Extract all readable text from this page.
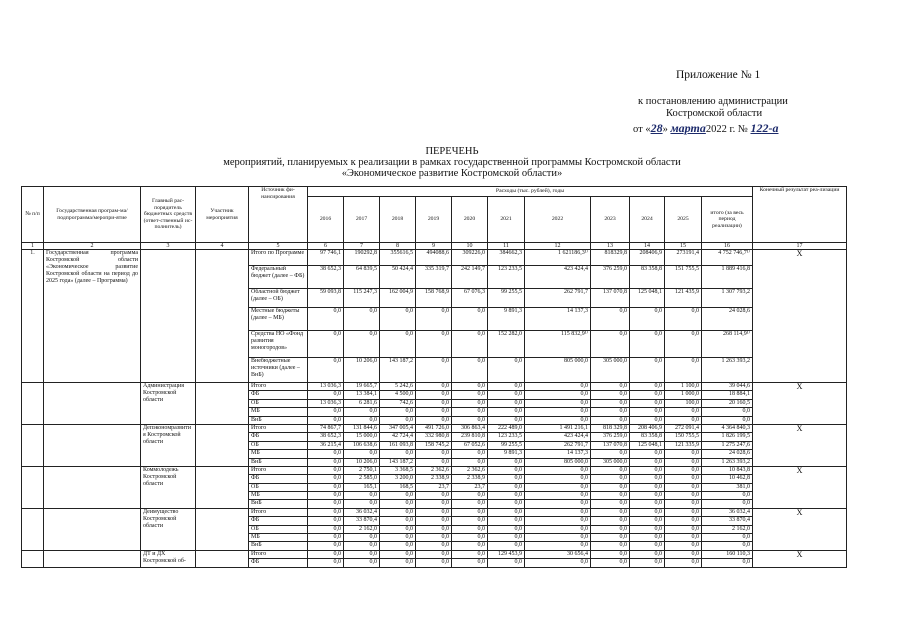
Приложение № 1
к постановлению администрации
Костромской области
от «28» марта2022 г. № 122-а
ПЕРЕЧЕНЬ
мероприятий, планируемых к реализации в рамках государственной программы Костромской области
«Экономическое развитие Костромской области»
№ п/п	Государственная програм-ма/подпрограмма/меропри-ятие	Главный рас-порядитель бюджетных средств (ответ-ственный ис-полнитель)	Участник мероприятия	Источник фи-нансирования	Расходы (тыс. рублей), годы											Конечный результат реа-лизации
					2016	2017	2018	2019	2020	2021	2022	2023	2024	2025	итого (за весь период реализации)	
1	2	3	4	5	6	7	8	9	10	11	12	13	14	15	16	17
1.	Государственная программа Костромской области «Экономическое развитие Костромской области на период до 2025 года» (далее – Программа)			Итого по Программе	97 746,1	190292,8	355616,5	494088,6	309226,0	384662,3	1 621186,3¹⁾	818329,8	208406,9	273191,4	4 752 746,7¹⁾	X
				Федеральный бюджет (далее – ФБ)	38 652,3	64 839,5	50 424,4	335 319,7	242 149,7	123 233,5	423 424,4	376 259,0	83 358,8	151 755,5	1 889 416,8	
				Областной бюджет (далее – ОБ)	59 093,8	115 247,3	162 004,9	158 768,9	67 076,3	99 255,5	262 791,7	137 070,8	125 048,1	121 435,9	1 307 793,2	
				Местные бюджеты (далее – МБ)	0,0	0,0	0,0	0,0	0,0	9 891,3	14 137,3	0,0	0,0	0,0	24 028,6	
				Средства НО «Фонд развития моногородов»	0,0	0,0	0,0	0,0	0,0	152 282,0	115 832,9¹⁾	0,0	0,0	0,0	268 114,9¹⁾	
				Внебюджетные источники (далее – ВнБ)	0,0	10 206,0	143 187,2	0,0	0,0	0,0	805 000,0	305 000,0	0,0	0,0	1 263 393,2	
		Администрация Костромской области		Итого	13 036,3	19 665,7	5 242,6	0,0	0,0	0,0	0,0	0,0	0,0	1 100,0	39 044,6	X
				ФБ	0,0	13 384,1	4 500,0	0,0	0,0	0,0	0,0	0,0	0,0	1 000,0	18 884,1	
				ОБ	13 036,3	6 281,6	742,6	0,0	0,0	0,0	0,0	0,0	0,0	100,0	20 160,5	
				МБ	0,0	0,0	0,0	0,0	0,0	0,0	0,0	0,0	0,0	0,0	0,0	
				ВнБ	0,0	0,0	0,0	0,0	0,0	0,0	0,0	0,0	0,0	0,0	0,0	
		Депэкономразвития Костромской области		Итого	74 867,7	131 844,6	347 005,4	491 726,0	306 863,4	222 489,0	1 491 216,1	818 329,8	208 406,9	272 091,4	4 364 840,3	X
				ФБ	38 652,3	15 000,0	42 724,4	332 980,8	239 810,8	123 233,5	423 424,4	376 259,0	83 358,8	150 755,5	1 826 199,5	
				ОБ	36 215,4	106 638,6	161 093,8	158 745,2	67 052,6	99 255,5	262 791,7	137 070,8	125 048,1	121 335,9	1 275 247,6	
				МБ	0,0	0,0	0,0	0,0	0,0	9 891,3	14 137,3	0,0	0,0	0,0	24 028,6	
				ВнБ	0,0	10 206,0	143 187,2	0,0	0,0	0,0	805 000,0	305 000,0	0,0	0,0	1 263 393,2	
		Коммолодежь Костромской области		Итого	0,0	2 750,1	3 368,5	2 362,6	2 362,6	0,0	0,0	0,0	0,0	0,0	10 843,8	X
				ФБ	0,0	2 585,0	3 200,0	2 338,9	2 338,9	0,0	0,0	0,0	0,0	0,0	10 462,8	
				ОБ	0,0	165,1	168,5	23,7	23,7	0,0	0,0	0,0	0,0	0,0	381,0	
				МБ	0,0	0,0	0,0	0,0	0,0	0,0	0,0	0,0	0,0	0,0	0,0	
				ВнБ	0,0	0,0	0,0	0,0	0,0	0,0	0,0	0,0	0,0	0,0	0,0	
		Деимущество Костромской области		Итого	0,0	36 032,4	0,0	0,0	0,0	0,0	0,0	0,0	0,0	0,0	36 032,4	X
				ФБ	0,0	33 870,4	0,0	0,0	0,0	0,0	0,0	0,0	0,0	0,0	33 870,4	
				ОБ	0,0	2 162,0	0,0	0,0	0,0	0,0	0,0	0,0	0,0	0,0	2 162,0	
				МБ	0,0	0,0	0,0	0,0	0,0	0,0	0,0	0,0	0,0	0,0	0,0	
				ВнБ	0,0	0,0	0,0	0,0	0,0	0,0	0,0	0,0	0,0	0,0	0,0	
		ДТ и ДХ Костромской об-		Итого	0,0	0,0	0,0	0,0	0,0	129 453,9	30 656,4	0,0	0,0	0,0	160 110,3	X
				ФБ	0,0	0,0	0,0	0,0	0,0	0,0	0,0	0,0	0,0	0,0	0,0	
